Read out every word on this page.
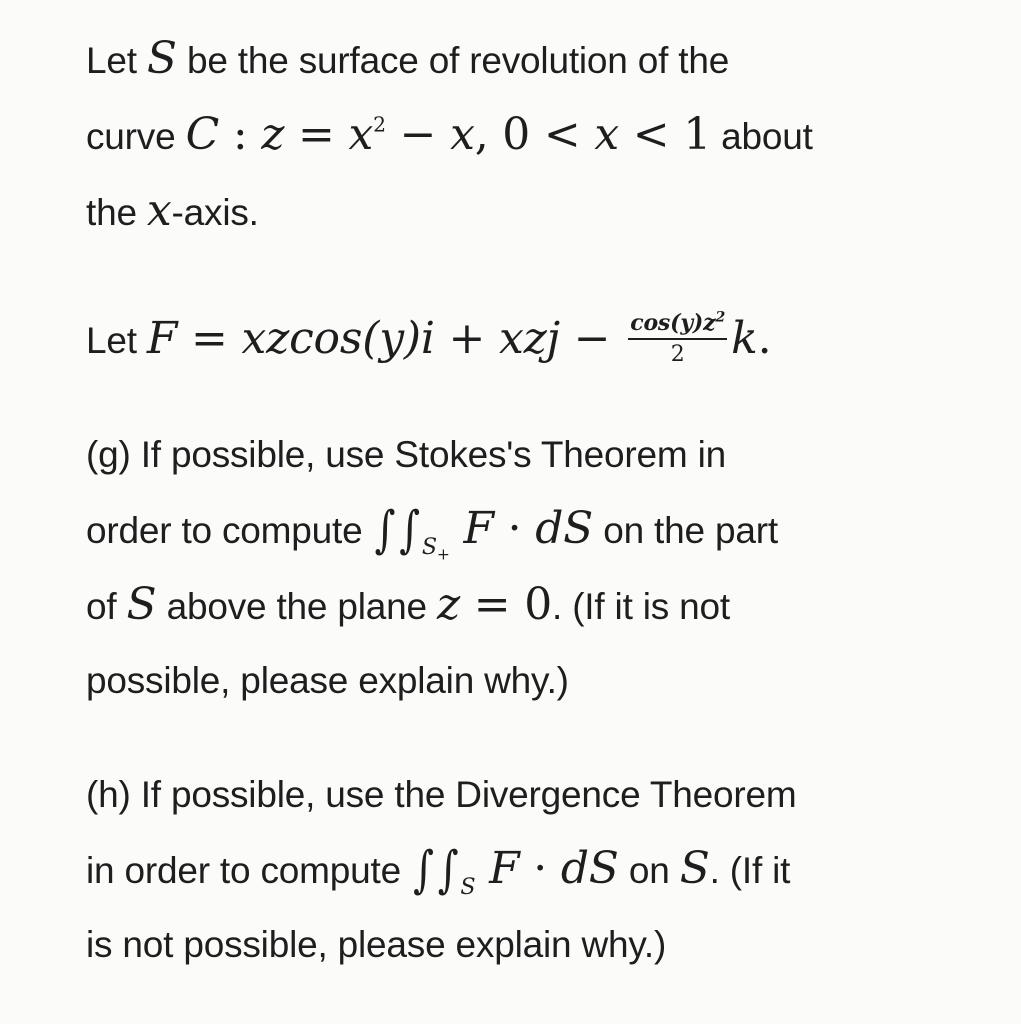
Let S be the surface of revolution of the
curve C : $z = x^2 - x$, 0 < x < 1 about
the x-axis.
Let F = xzcos(y)i + xzj − $\frac{\cos(y)z^2}{2} k$.
(g) If possible, use Stokes's Theorem in
order to compute ∫ $\int_{S_+}$ F · dS on the part
of S above the plane z = 0. (If it is not
possible, please explain why.)
(h) If possible, use the Divergence Theorem
in order to compute ∫ $\int_S$ F · dS on S. (If it
is not possible, please explain why.)
